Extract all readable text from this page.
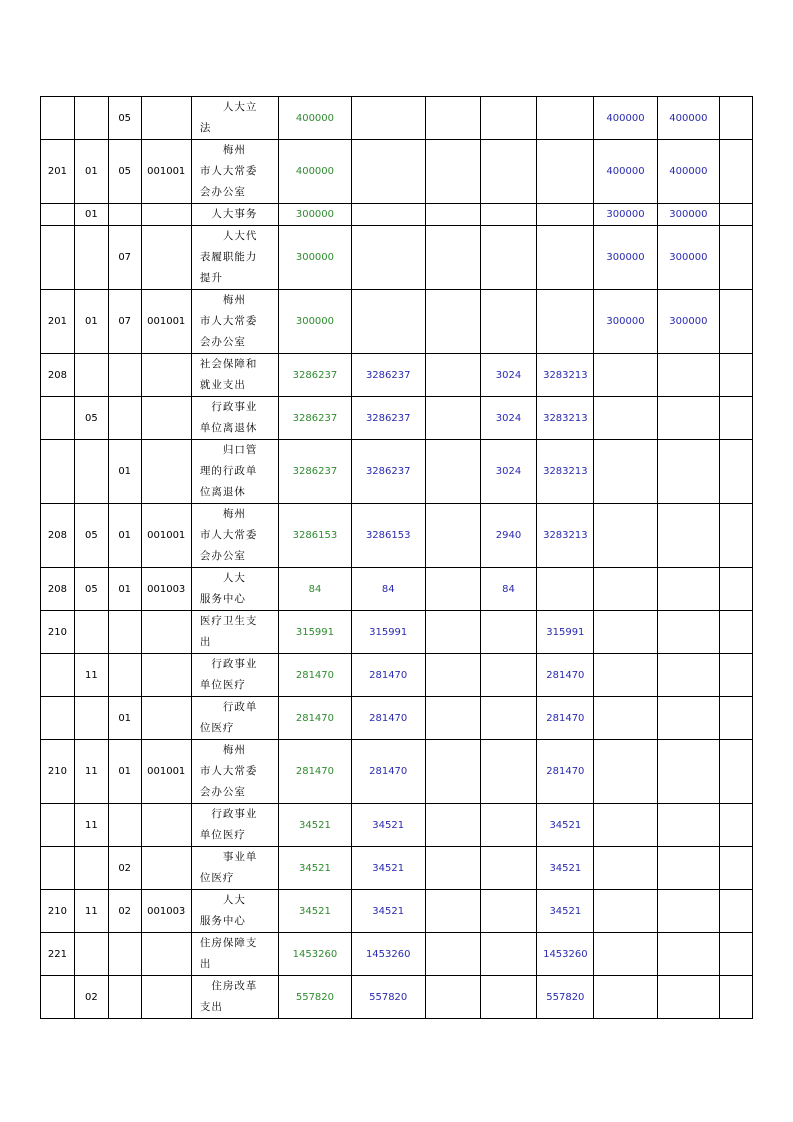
		05		　　人大立
法	400000					400000	400000	
201	01	05	001001	　　梅州
市人大常委
会办公室	400000					400000	400000	
	01			　人大事务	300000					300000	300000	
		07		　　人大代
表履职能力
提升	300000					300000	300000	
201	01	07	001001	　　梅州
市人大常委
会办公室	300000					300000	300000	
208				社会保障和
就业支出	3286237	3286237		3024	3283213			
	05			　行政事业
单位离退休	3286237	3286237		3024	3283213			
		01		　　归口管
理的行政单
位离退休	3286237	3286237		3024	3283213			
208	05	01	001001	　　梅州
市人大常委
会办公室	3286153	3286153		2940	3283213			
208	05	01	001003	　　人大
服务中心	84	84		84				
210				医疗卫生支
出	315991	315991			315991			
	11			　行政事业
单位医疗	281470	281470			281470			
		01		　　行政单
位医疗	281470	281470			281470			
210	11	01	001001	　　梅州
市人大常委
会办公室	281470	281470			281470			
	11			　行政事业
单位医疗	34521	34521			34521			
		02		　　事业单
位医疗	34521	34521			34521			
210	11	02	001003	　　人大
服务中心	34521	34521			34521			
221				住房保障支
出	1453260	1453260			1453260			
	02			　住房改革
支出	557820	557820			557820			
